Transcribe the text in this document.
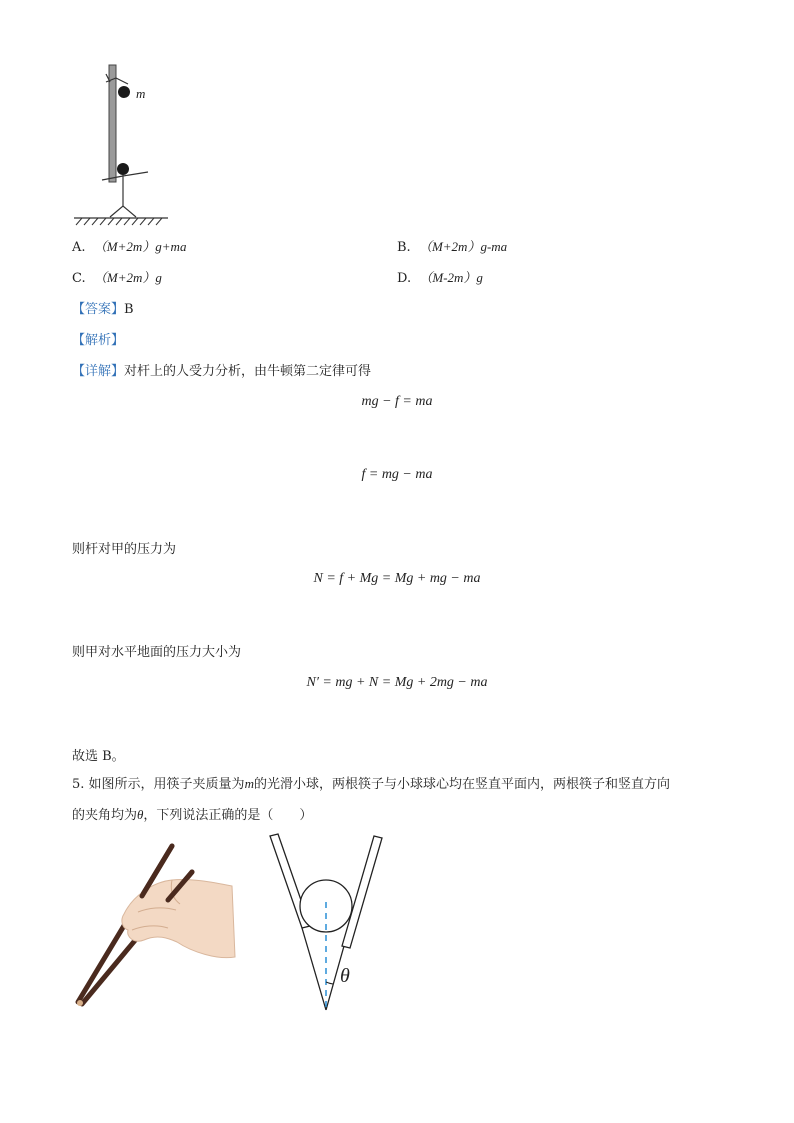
m
A. （M+2m）g+ma	B. （M+2m）g-ma
C. （M+2m）g	D. （M-2m）g
【答案】B
【解析】
【详解】对杆上的人受力分析，由牛顿第二定律可得
mg − f = ma
f = mg − ma
则杆对甲的压力为
N = f + Mg = Mg + mg − ma
则甲对水平地面的压力大小为
N′ = mg + N = Mg + 2mg − ma
故选 B。
5. 如图所示，用筷子夹质量为m的光滑小球，两根筷子与小球球心均在竖直平面内，两根筷子和竖直方向
的夹角均为θ，下列说法正确的是（　　）
θ
